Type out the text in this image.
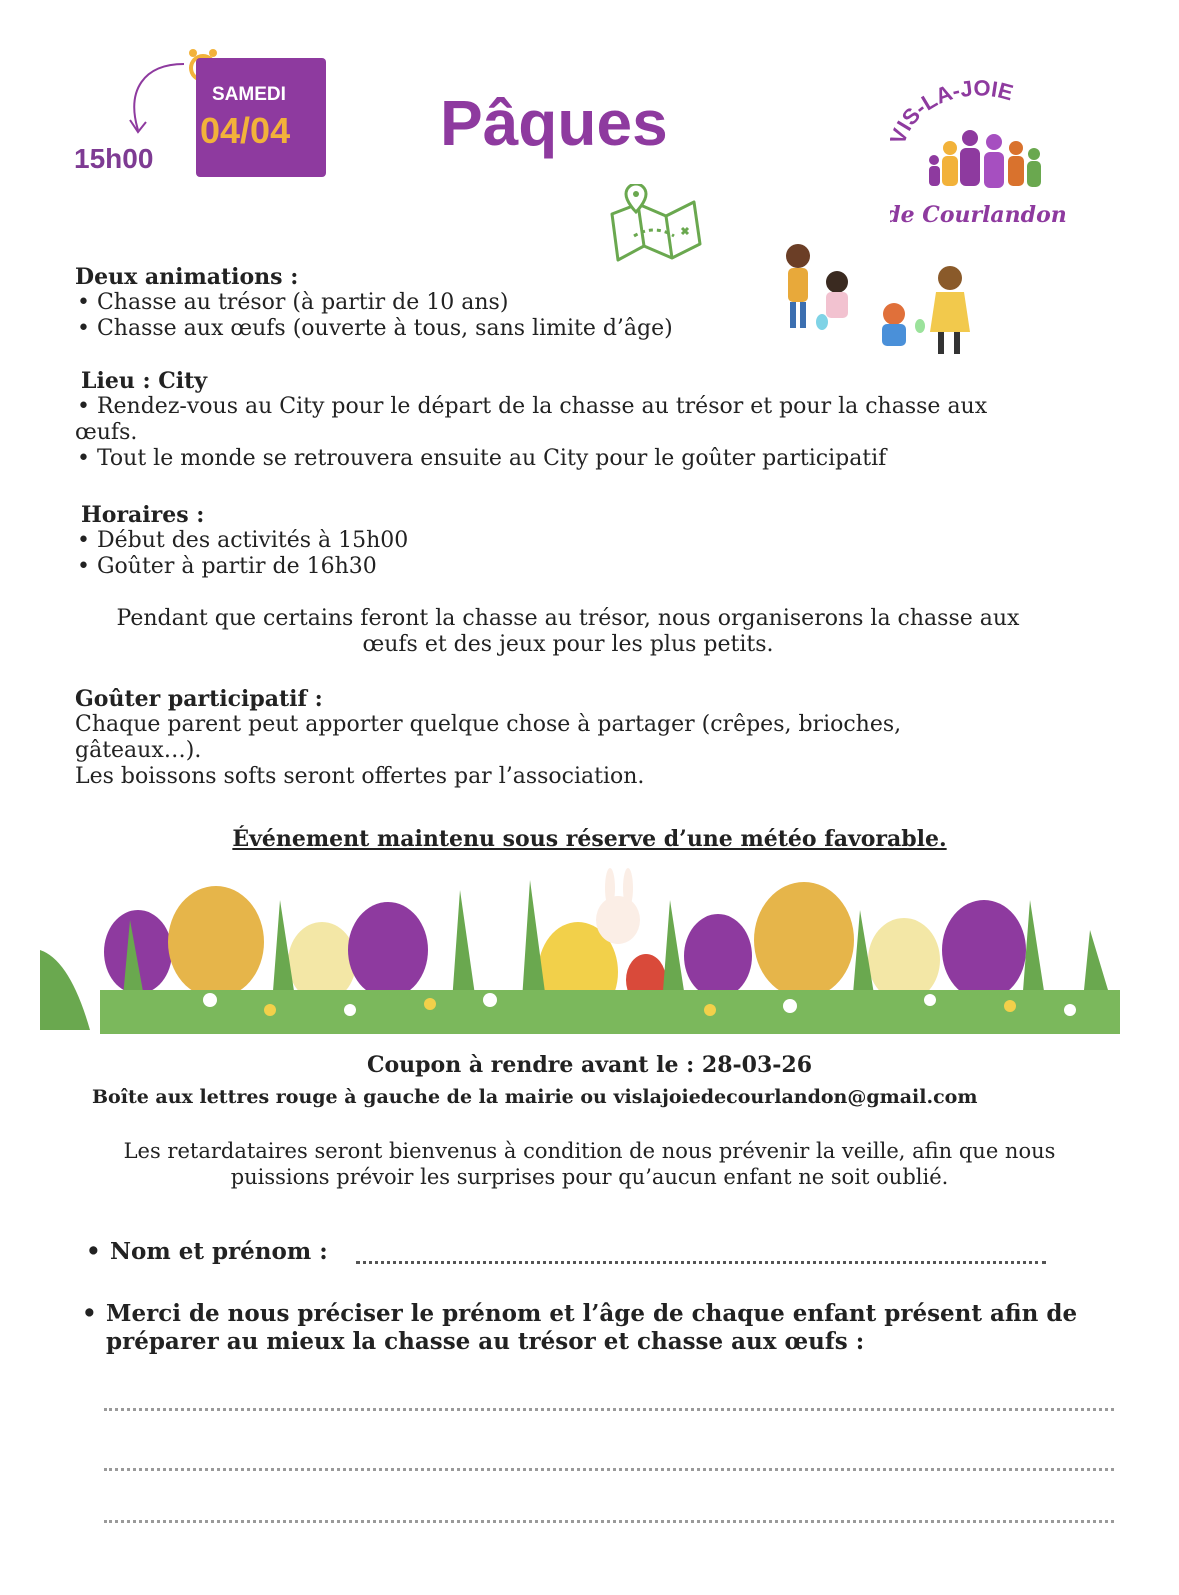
15h00
SAMEDI
04/04 Pâques	IS-LA-JOIE
de Courlandon
Deux animations :
• Chasse au trésor (à partir de 10 ans)
• Chasse aux œufs (ouverte à tous, sans limite d’âge)
Lieu : City
• Rendez-vous au City pour le départ de la chasse au trésor et pour la chasse aux
œufs.
• Tout le monde se retrouvera ensuite au City pour le goûter participatif
Horaires :
• Début des activités à 15h00
• Goûter à partir de 16h30
Pendant que certains feront la chasse au trésor, nous organiserons la chasse aux
œufs et des jeux pour les plus petits.
Goûter participatif :
Chaque parent peut apporter quelque chose à partager (crêpes, brioches,
gâteaux…).
Les boissons softs seront offertes par l’association.
Événement maintenu sous réserve d’une météo favorable.
Coupon à rendre avant le : 28-03-26
Boîte aux lettres rouge à gauche de la mairie ou vislajoiedecourlandon@gmail.com
Les retardataires seront bienvenus à condition de nous prévenir la veille, afin que nous
puissions prévoir les surprises pour qu’aucun enfant ne soit oublié.
• Nom et prénom :
• Merci de nous préciser le prénom et l’âge de chaque enfant présent afin de
préparer au mieux la chasse au trésor et chasse aux œufs :
